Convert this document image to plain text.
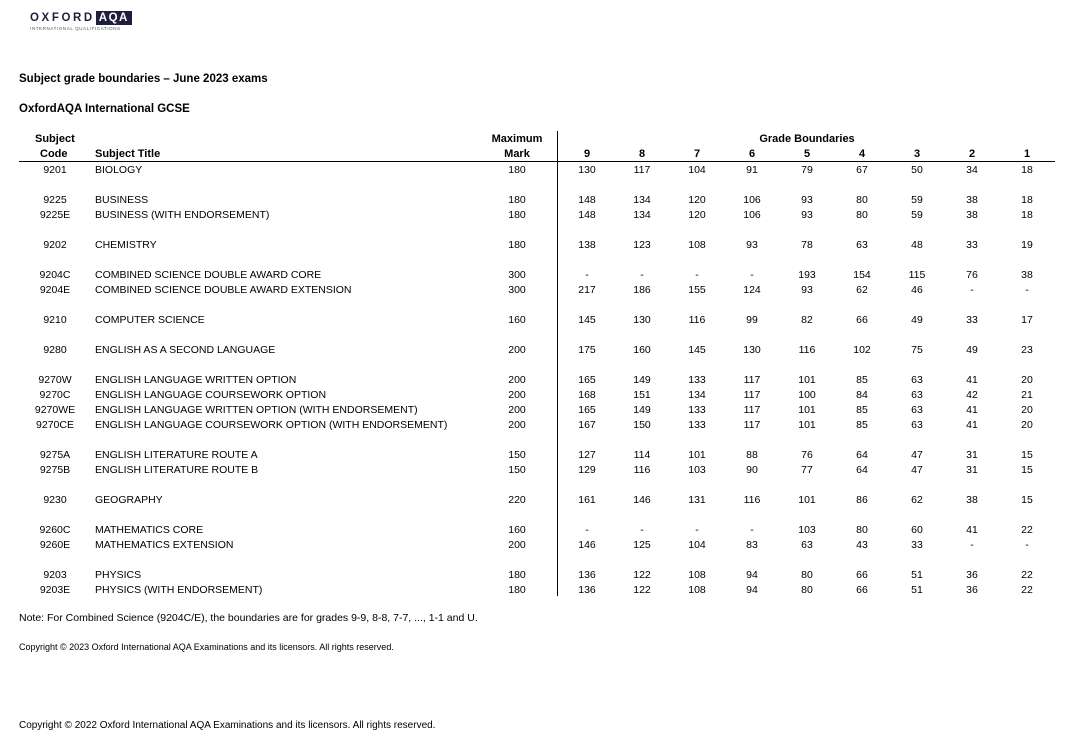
OXFORD AQA
INTERNATIONAL QUALIFICATIONS
Subject grade boundaries – June 2023 exams
OxfordAQA International GCSE
Subject
Code	Subject Title
Maximum
Mark
Grade Boundaries
9	8	7	6	5	4	3	2	1
9201	BIOLOGY	180	130	117	104	91	79	67	50	34	18
9225	BUSINESS	180	148	134	120	106	93	80	59	38	18
9225E	BUSINESS (WITH ENDORSEMENT)	180	148	134	120	106	93	80	59	38	18
9202	CHEMISTRY	180	138	123	108	93	78	63	48	33	19
9204C	COMBINED SCIENCE DOUBLE AWARD CORE	300	-	-	-	-	193	154	115	76	38
9204E	COMBINED SCIENCE DOUBLE AWARD EXTENSION	300	217	186	155	124	93	62	46	-	-
9210	COMPUTER SCIENCE	160	145	130	116	99	82	66	49	33	17
9280	ENGLISH AS A SECOND LANGUAGE	200	175	160	145	130	116	102	75	49	23
9270W	ENGLISH LANGUAGE WRITTEN OPTION	200	165	149	133	117	101	85	63	41	20
9270C	ENGLISH LANGUAGE COURSEWORK OPTION	200	168	151	134	117	100	84	63	42	21
9270WE	ENGLISH LANGUAGE WRITTEN OPTION (WITH ENDORSEMENT)	200	165	149	133	117	101	85	63	41	20
9270CE	ENGLISH LANGUAGE COURSEWORK OPTION (WITH ENDORSEMENT)	200	167	150	133	117	101	85	63	41	20
9275A	ENGLISH LITERATURE ROUTE A	150	127	114	101	88	76	64	47	31	15
9275B	ENGLISH LITERATURE ROUTE B	150	129	116	103	90	77	64	47	31	15
9230	GEOGRAPHY	220	161	146	131	116	101	86	62	38	15
9260C	MATHEMATICS CORE	160	-	-	-	-	103	80	60	41	22
9260E	MATHEMATICS EXTENSION	200	146	125	104	83	63	43	33	-	-
9203	PHYSICS	180	136	122	108	94	80	66	51	36	22
9203E	PHYSICS (WITH ENDORSEMENT)	180	136	122	108	94	80	66	51	36	22
Note: For Combined Science (9204C/E), the boundaries are for grades 9-9, 8-8, 7-7, ..., 1-1 and U.
Copyright © 2023 Oxford International AQA Examinations and its licensors. All rights reserved.
Copyright © 2022 Oxford International AQA Examinations and its licensors. All rights reserved.
